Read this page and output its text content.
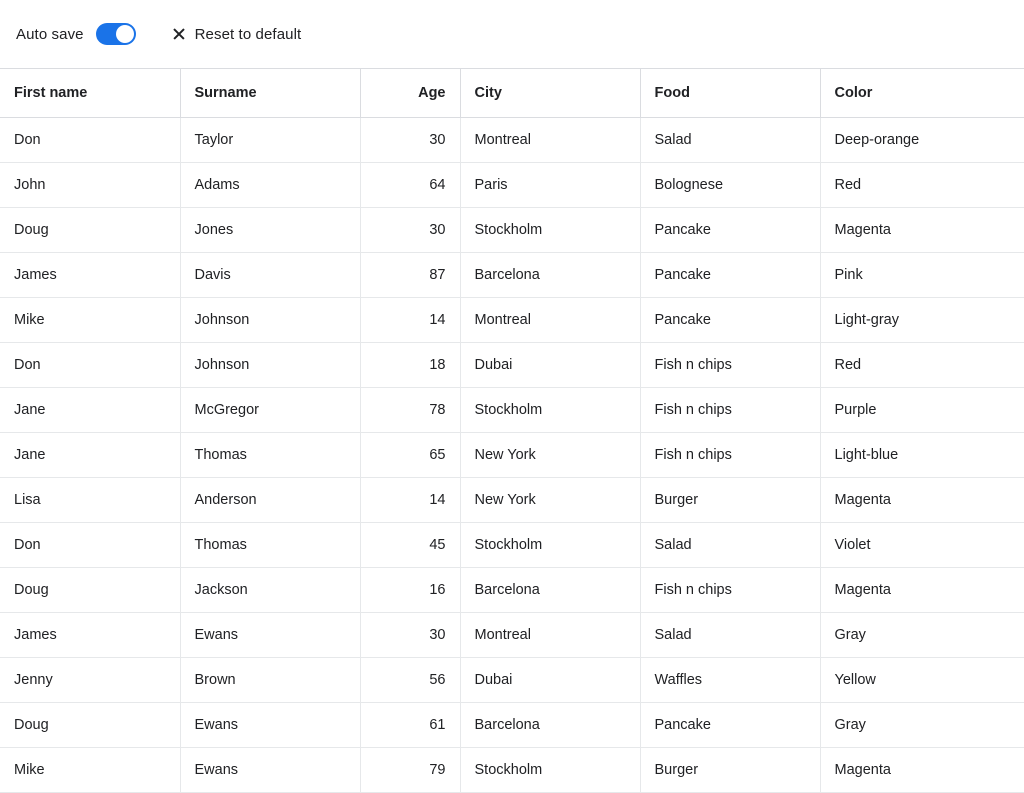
Auto save	Reset to default
First name	Surname	Age	City	Food	Color
Don	Taylor	30	Montreal	Salad	Deep-orange
John	Adams	64	Paris	Bolognese	Red
Doug	Jones	30	Stockholm	Pancake	Magenta
James	Davis	87	Barcelona	Pancake	Pink
Mike	Johnson	14	Montreal	Pancake	Light-gray
Don	Johnson	18	Dubai	Fish n chips	Red
Jane	McGregor	78	Stockholm	Fish n chips	Purple
Jane	Thomas	65	New York	Fish n chips	Light-blue
Lisa	Anderson	14	New York	Burger	Magenta
Don	Thomas	45	Stockholm	Salad	Violet
Doug	Jackson	16	Barcelona	Fish n chips	Magenta
James	Ewans	30	Montreal	Salad	Gray
Jenny	Brown	56	Dubai	Waffles	Yellow
Doug	Ewans	61	Barcelona	Pancake	Gray
Mike	Ewans	79	Stockholm	Burger	Magenta
